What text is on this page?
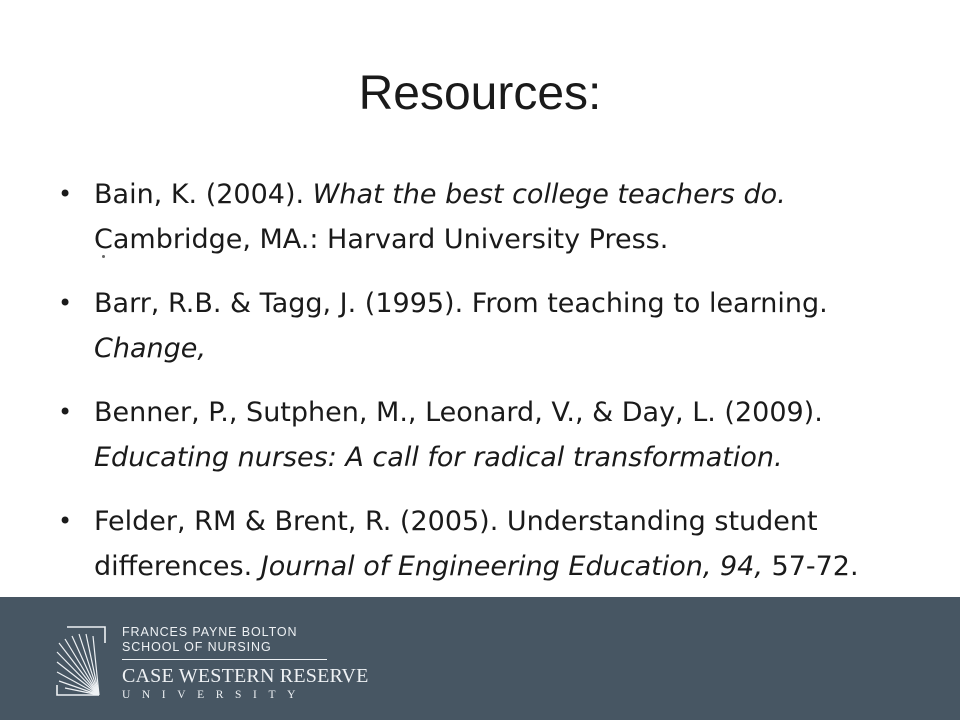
Resources:
• Bain, K. (2004). What the best college teachers do. Cambridge, MA.: Harvard University Press.
• Barr, R.B. & Tagg, J. (1995). From teaching to learning. Change,
• Benner, P., Sutphen, M., Leonard, V., & Day, L. (2009). Educating nurses: A call for radical transformation.
• Felder, RM & Brent, R. (2005). Understanding student differences. Journal of Engineering Education, 94, 57-72.
FRANCES PAYNE BOLTON
SCHOOL OF NURSING
CASE WESTERN RESERVE
UNIVERSITY
